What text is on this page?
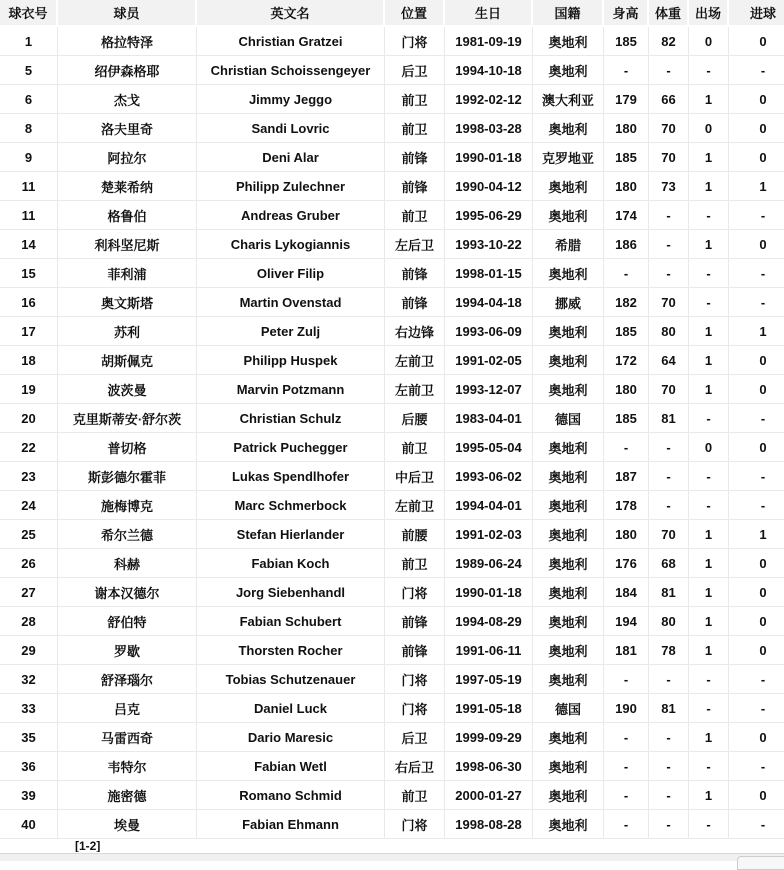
球衣号	球员	英文名	位置	生日	国籍	身高	体重	出场	进球
1	格拉特泽	Christian Gratzei	门将	1981-09-19	奥地利	185	82	0	0
5	绍伊森格耶	Christian Schoissengeyer	后卫	1994-10-18	奥地利	-	-	-	-
6	杰戈	Jimmy Jeggo	前卫	1992-02-12	澳大利亚	179	66	1	0
8	洛夫里奇	Sandi Lovric	前卫	1998-03-28	奥地利	180	70	0	0
9	阿拉尔	Deni Alar	前锋	1990-01-18	克罗地亚	185	70	1	0
11	楚莱希纳	Philipp Zulechner	前锋	1990-04-12	奥地利	180	73	1	1
11	格鲁伯	Andreas Gruber	前卫	1995-06-29	奥地利	174	-	-	-
14	利科坚尼斯	Charis Lykogiannis	左后卫	1993-10-22	希腊	186	-	1	0
15	菲利浦	Oliver Filip	前锋	1998-01-15	奥地利	-	-	-	-
16	奥文斯塔	Martin Ovenstad	前锋	1994-04-18	挪威	182	70	-	-
17	苏利	Peter Zulj	右边锋	1993-06-09	奥地利	185	80	1	1
18	胡斯佩克	Philipp Huspek	左前卫	1991-02-05	奥地利	172	64	1	0
19	波茨曼	Marvin Potzmann	左前卫	1993-12-07	奥地利	180	70	1	0
20	克里斯蒂安·舒尔茨	Christian Schulz	后腰	1983-04-01	德国	185	81	-	-
22	普切格	Patrick Puchegger	前卫	1995-05-04	奥地利	-	-	0	0
23	斯彭德尔霍菲	Lukas Spendlhofer	中后卫	1993-06-02	奥地利	187	-	-	-
24	施梅博克	Marc Schmerbock	左前卫	1994-04-01	奥地利	178	-	-	-
25	希尔兰德	Stefan Hierlander	前腰	1991-02-03	奥地利	180	70	1	1
26	科赫	Fabian Koch	前卫	1989-06-24	奥地利	176	68	1	0
27	谢本汉德尔	Jorg Siebenhandl	门将	1990-01-18	奥地利	184	81	1	0
28	舒伯特	Fabian Schubert	前锋	1994-08-29	奥地利	194	80	1	0
29	罗歇	Thorsten Rocher	前锋	1991-06-11	奥地利	181	78	1	0
32	舒泽瑙尔	Tobias Schutzenauer	门将	1997-05-19	奥地利	-	-	-	-
33	吕克	Daniel Luck	门将	1991-05-18	德国	190	81	-	-
35	马雷西奇	Dario Maresic	后卫	1999-09-29	奥地利	-	-	1	0
36	韦特尔	Fabian Wetl	右后卫	1998-06-30	奥地利	-	-	-	-
39	施密德	Romano Schmid	前卫	2000-01-27	奥地利	-	-	1	0
40	埃曼	Fabian Ehmann	门将	1998-08-28	奥地利	-	-	-	-
[1-2]
